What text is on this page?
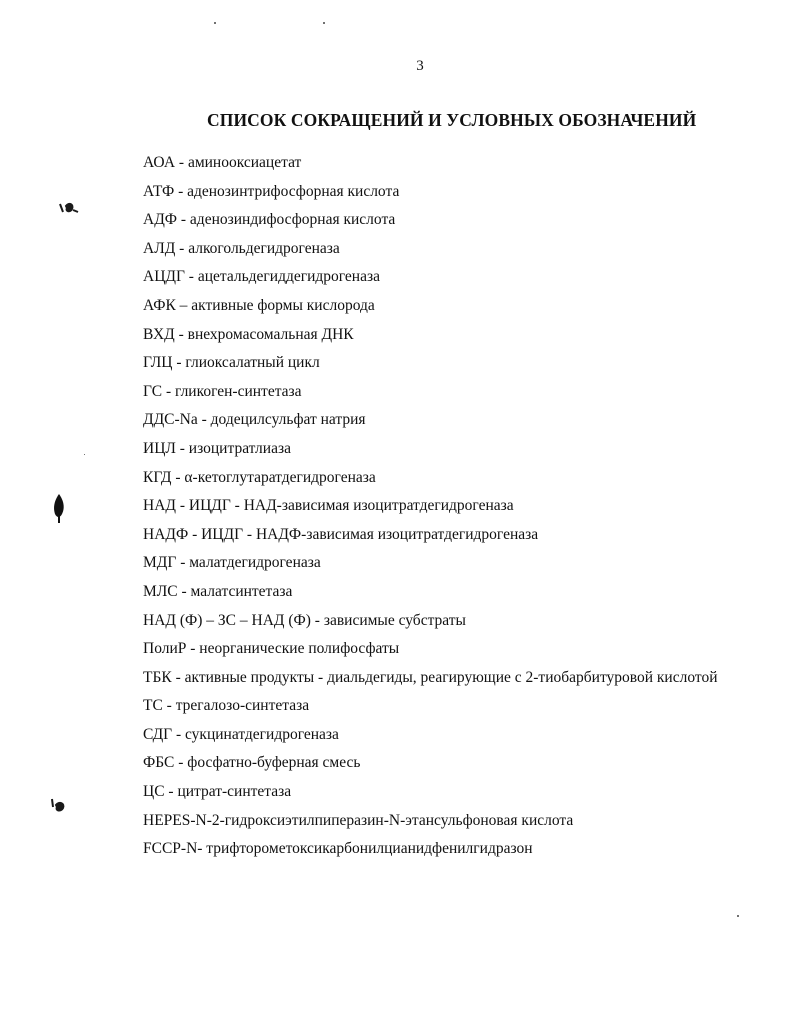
3
СПИСОК СОКРАЩЕНИЙ И УСЛОВНЫХ ОБОЗНАЧЕНИЙ
АОА - аминооксиацетат
АТФ - аденозинтрифосфорная кислота
АДФ - аденозиндифосфорная кислота
АЛД - алкогольдегидрогеназа
АЦДГ - ацетальдегиддегидрогеназа
АФК – активные формы кислорода
ВХД - внехромасомальная ДНК
ГЛЦ - глиоксалатный цикл
ГС - гликоген-синтетаза
ДДС-Na - додецилсульфат натрия
ИЦЛ - изоцитратлиаза
КГД - α-кетоглутаратдегидрогеназа
НАД - ИЦДГ - НАД-зависимая изоцитратдегидрогеназа
НАДФ - ИЦДГ - НАДФ-зависимая изоцитратдегидрогеназа
МДГ - малатдегидрогеназа
МЛС - малатсинтетаза
НАД (Ф) – ЗС – НАД (Ф) - зависимые субстраты
ПолиР - неорганические полифосфаты
ТБК - активные продукты - диальдегиды, реагирующие с 2-тиобарбитуровой кислотой
ТС - трегалозо-синтетаза
СДГ - сукцинатдегидрогеназа
ФБС - фосфатно-буферная смесь
ЦС - цитрат-синтетаза
HEPES-N-2-гидроксиэтилпиперазин-N-этансульфоновая кислота
FCCP-N- трифторометоксикарбонилцианидфенилгидразон
